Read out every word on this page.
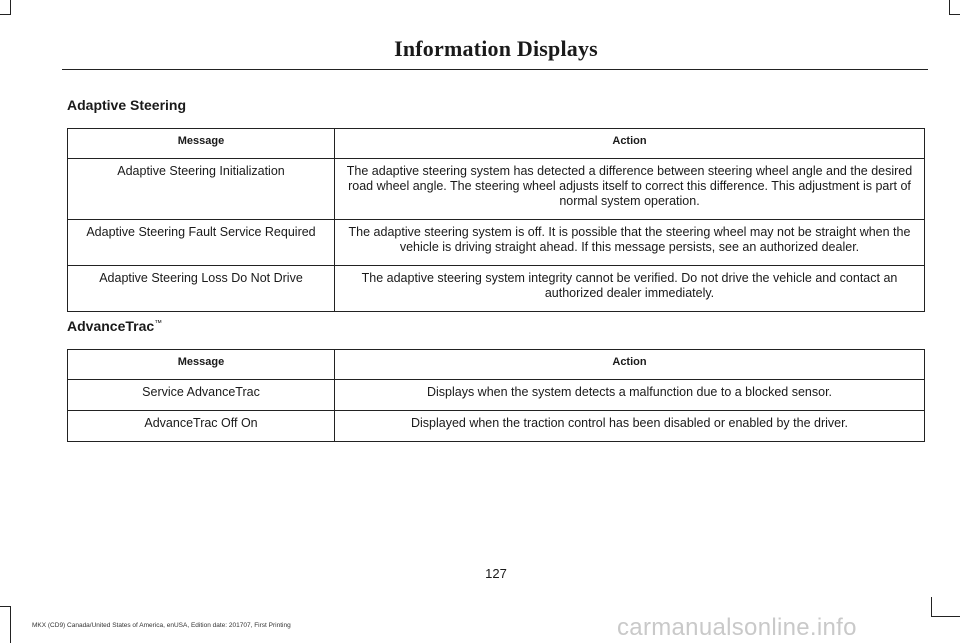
Information Displays
Adaptive Steering
Message	Action
Adaptive Steering Initialization	The adaptive steering system has detected a difference between steering wheel angle and the desired road wheel angle. The steering wheel adjusts itself to correct this difference. This adjustment is part of normal system operation.
Adaptive Steering Fault Service Required	The adaptive steering system is off. It is possible that the steering wheel may not be straight when the vehicle is driving straight ahead. If this message persists, see an authorized dealer.
Adaptive Steering Loss Do Not Drive	The adaptive steering system integrity cannot be verified. Do not drive the vehicle and contact an authorized dealer immediately.
AdvanceTrac™
Message	Action
Service AdvanceTrac	Displays when the system detects a malfunction due to a blocked sensor.
AdvanceTrac Off On	Displayed when the traction control has been disabled or enabled by the driver.
127
MKX (CD9) Canada/United States of America, enUSA, Edition date: 201707, First Printing	carmanualsonline.info
